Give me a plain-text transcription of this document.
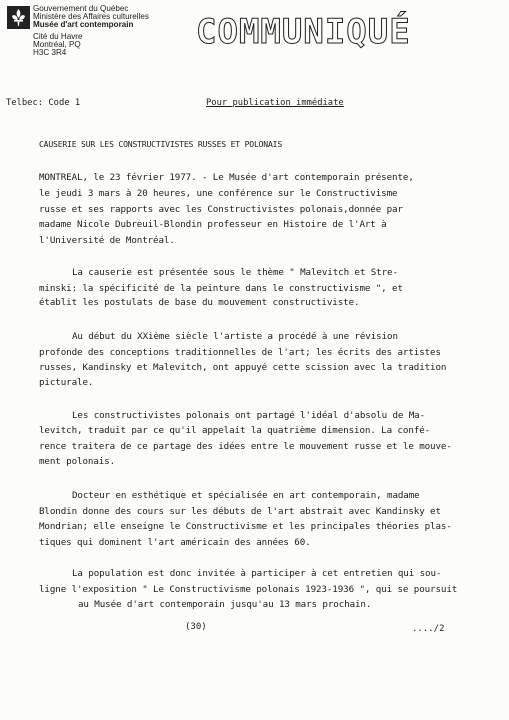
Gouvernement du Québec
Ministère des Affaires culturelles
Musée d'art contemporain
Cité du Havre
Montréal, PQ
H3C 3R4
COMMUNIQUÉ
Telbec: Code 1	Pour publication immédiate
CAUSERIE SUR LES CONSTRUCTIVISTES RUSSES ET POLONAIS
MONTREAL, le 23 février 1977. - Le Musée d'art contemporain présente,
le jeudi 3 mars à 20 heures, une conférence sur le Constructivisme
russe et ses rapports avec les Constructivistes polonais,donnée par
madame Nicole Dubreuil-Blondin professeur en Histoire de l'Art à
l'Université de Montréal.
La causerie est présentée sous le thème " Malevitch et Stre-
minski: la spécificité de la peinture dans le constructivisme ", et
établit les postulats de base du mouvement constructiviste.
Au début du XXième siècle l'artiste a procédé à une révision
profonde des conceptions traditionnelles de l'art; les écrits des artistes
russes, Kandinsky et Malevitch, ont appuyé cette scission avec la tradition
picturale.
Les constructivistes polonais ont partagé l'idéal d'absolu de Ma-
levitch, traduit par ce qu'il appelait la quatrième dimension. La confé-
rence traitera de ce partage des idées entre le mouvement russe et le mouve-
ment polonais.
Docteur en esthétique et spécialisée en art contemporain, madame
Blondin donne des cours sur les débuts de l'art abstrait avec Kandinsky et
Mondrian; elle enseigne le Constructivisme et les principales théories plas-
tiques qui dominent l'art américain des années 60.
La population est donc invitée à participer à cet entretien qui sou-
ligne l'exposition " Le Constructivisme polonais 1923-1936 ", qui se poursuit
au Musée d'art contemporain jusqu'au 13 mars prochain.
(30)	..../2
